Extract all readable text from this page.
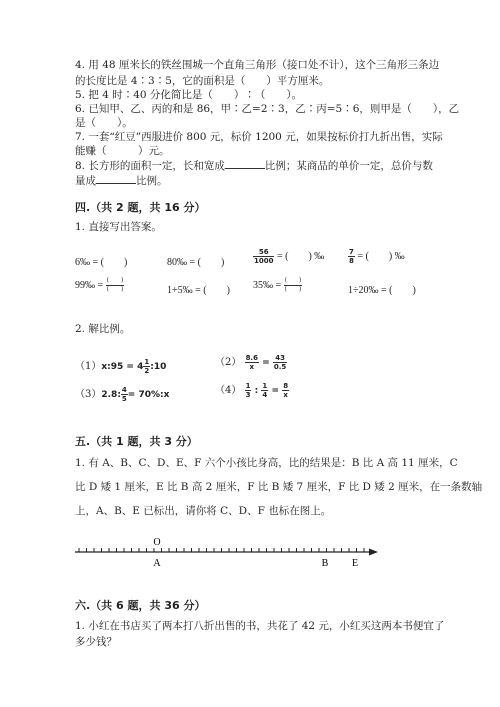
4. 用 48 厘米长的铁丝围城一个直角三角形（接口处不计），这个三角形三条边
的长度比是 4∶3∶5，它的面积是（　　）平方厘米。
5. 把 4 时∶40 分化简比是（　　）∶（　　）。
6. 已知甲、乙、丙的和是 86，甲∶乙=2∶3，乙∶丙=5∶6，则甲是（　　），乙
是（　　）。
7. 一套“红豆”西服进价 800 元，标价 1200 元，如果按标价打九折出售，实际
能赚（　　　）元。
8. 长方形的面积一定，长和宽成	比例；某商品的单价一定，总价与数
量成	比例。
四.（共 2 题，共 16 分）
1. 直接写出答案。
6‰ = (　　)	80‰ = (　　)	$\frac{56}{1000}$ = (　　) ‰	$\frac{7}{8}$ = (　　) ‰
99‰ = $\frac{( )}{( )}$	1+5‰ = (　　) 35‰ = $\frac{( )}{( )}$	1÷20‰ = (　　)
2. 解比例。
（1）x:95 = $4 \frac{1}{2}$ :10	$(2) \frac{8.6}{x} = \frac{43}{0.5}$
（3）2.8: $\frac{4}{5}$ = 70%:x	$(4) \frac{1}{3}$ : $\frac{1}{4} = \frac{8}{x}$
五.（共 1 题，共 3 分）
1. 有 A、B、C、D、E、F 六个小孩比身高，比的结果是：B 比 A 高 11 厘米，C
比 D 矮 1 厘米，E 比 B 高 2 厘米，F 比 B 矮 7 厘米，F 比 D 矮 2 厘米，在一条数轴
上，A、B、E 已标出，请你将 C、D、F 也标在图上。
O
A	B E
六.（共 6 题，共 36 分）
1. 小红在书店买了两本打八折出售的书，共花了 42 元，小红买这两本书便宜了
多少钱？
